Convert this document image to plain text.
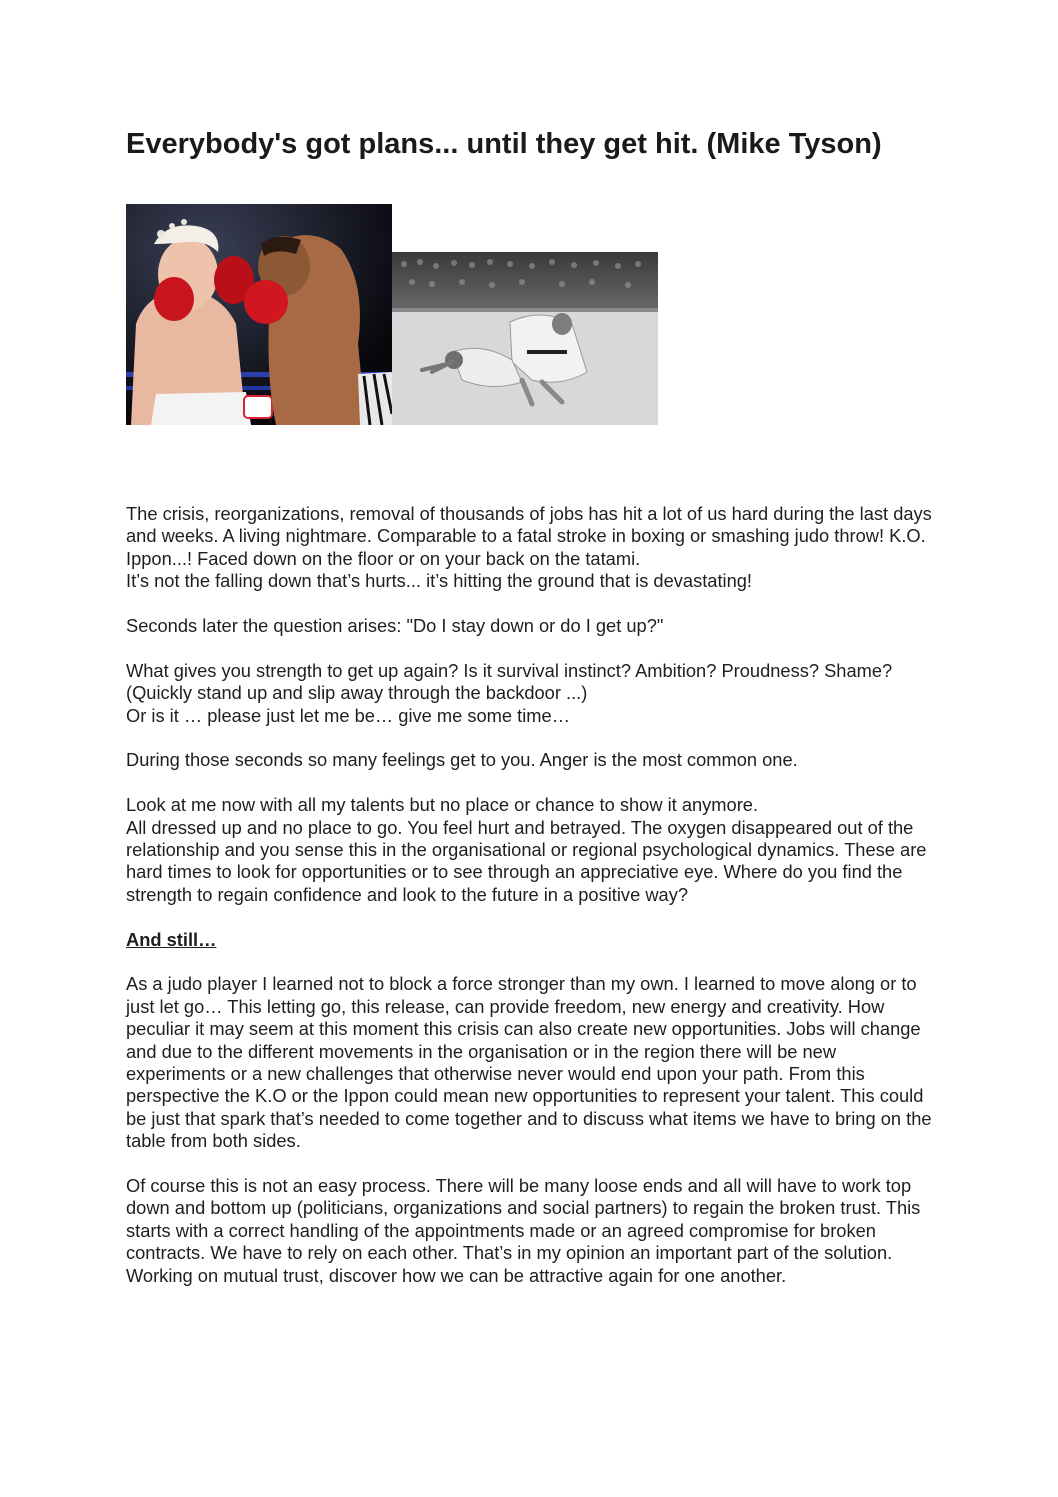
Everybody's got plans... until they get hit. (Mike Tyson)

The crisis, reorganizations, removal of thousands of jobs has hit a lot of us hard during the last days and weeks. A living nightmare. Comparable to a fatal stroke in boxing or smashing judo throw! K.O. Ippon...! Faced down on the floor or on your back on the tatami.
It’s not the falling down that’s hurts... it’s hitting the ground that is devastating!

Seconds later the question arises: "Do I stay down or do I get up?"

What gives you strength to get up again? Is it survival instinct? Ambition? Proudness? Shame? (Quickly stand up and slip away through the backdoor ...)
Or is it … please just let me be… give me some time…

During those seconds so many feelings get to you. Anger is the most common one.

Look at me now with all my talents but no place or chance to show it anymore.
All dressed up and no place to go. You feel hurt and betrayed. The oxygen disappeared out of the relationship and you sense this in the organisational or regional psychological dynamics. These are hard times to look for opportunities or to see through an appreciative eye. Where do you find the strength to regain confidence and look to the future in a positive way?

And still…

As a judo player I learned not to block a force stronger than my own. I learned to move along or to just let go… This letting go, this release, can provide freedom, new energy and creativity. How peculiar it may seem at this moment this crisis can also create new opportunities. Jobs will change and due to the different movements in the organisation or in the region there will be new experiments or a new challenges that otherwise never would end upon your path. From this perspective the K.O or the Ippon could mean new opportunities to represent your talent. This could be just that spark that’s needed to come together and to discuss what items we have to bring on the table from both sides.

Of course this is not an easy process. There will be many loose ends and all will have to work top down and bottom up (politicians, organizations and social partners) to regain the broken trust. This starts with a correct handling of the appointments made or an agreed compromise for broken contracts. We have to rely on each other. That’s in my opinion an important part of the solution. Working on mutual trust, discover how we can be attractive again for one another.
